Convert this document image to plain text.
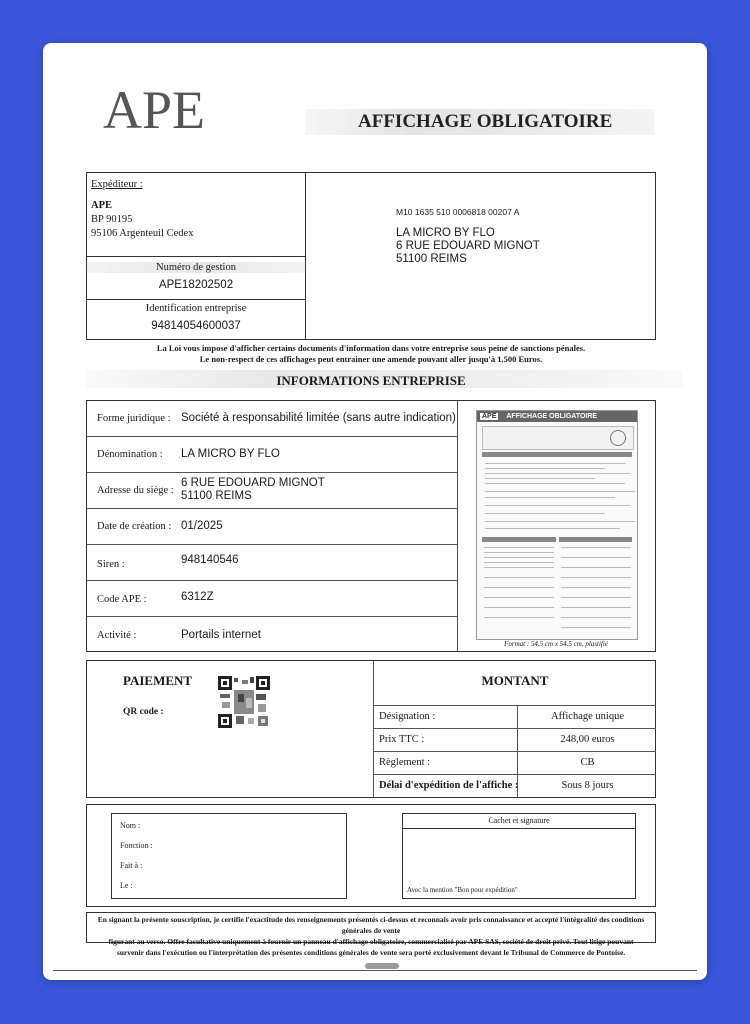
APE	AFFICHAGE OBLIGATOIRE
Expéditeur :
APE
BP 90195
95106 Argenteuil Cedex
Numéro de gestion
APE18202502
Identification entreprise
94814054600037
M10 1635 510 0006818 00207 A
LA MICRO BY FLO
6 RUE EDOUARD MIGNOT
51100 REIMS
La Loi vous impose d'afficher certains documents d'information dans votre entreprise sous peine de sanctions pénales.
Le non-respect de ces affichages peut entrainer une amende pouvant aller jusqu'à 1.500 Euros.
INFORMATIONS ENTREPRISE
Forme juridique : Société à responsabilité limitée (sans autre indication)
Dénomination : LA MICRO BY FLO
Adresse du siège :
6 RUE EDOUARD MIGNOT
51100 REIMS
Date de création : 01/2025
Siren :	948140546
Code APE :	6312Z
Activité :	Portails internet
APE AFFICHAGE OBLIGATOIRE
Format : 54.5 cm x 54.5 cm, plastifié
PAIEMENT
QR code :
MONTANT
Désignation :	Affichage unique
Prix TTC :	248,00 euros
Règlement :	CB
Délai d'expédition de l'affiche :	Sous 8 jours
Nom :
Fonction :
Fait à :
Le :
Cachet et signature
Avec la mention "Bon pour expédition"
En signant la présente souscription, je certifie l'exactitude des renseignements présentés ci-dessus et reconnais avoir pris connaissance et accepté l'intégralité des conditions générales de vente
figurant au verso. Offre facultative uniquement à fournir un panneau d'affichage obligatoire, commercialisé par APE SAS, société de droit privé. Tout litige pouvant
survenir dans l'exécution ou l'interprétation des présentes conditions générales de vente sera porté exclusivement devant le Tribunal de Commerce de Pontoise.
